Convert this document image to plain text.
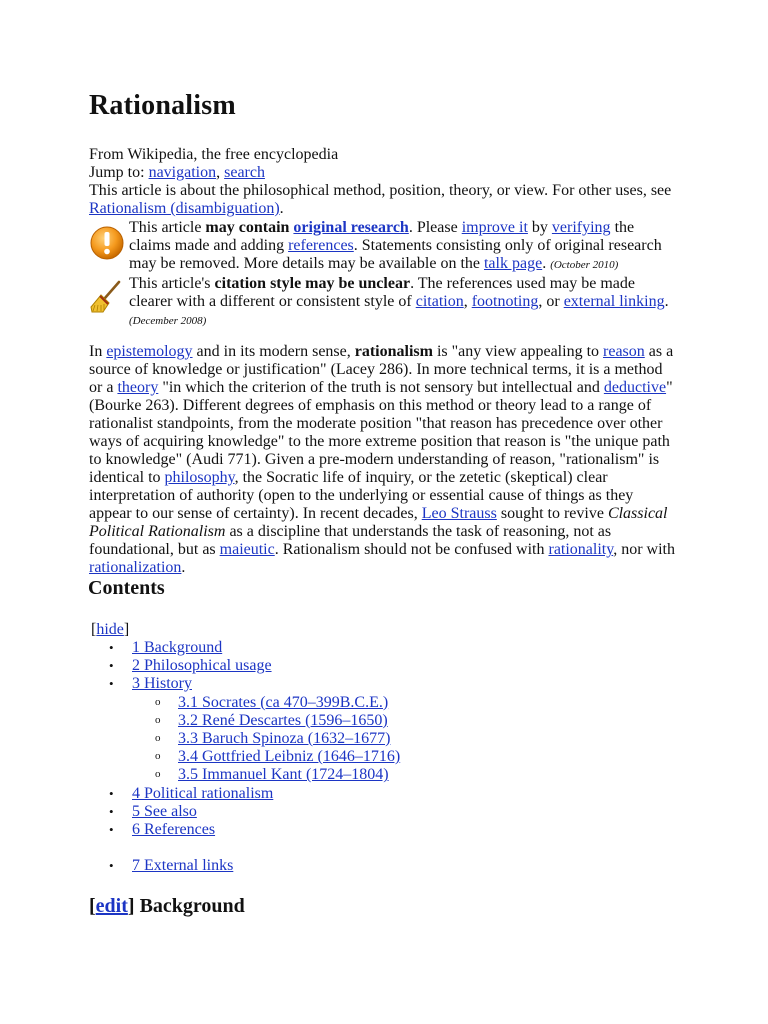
Rationalism

From Wikipedia, the free encyclopedia

Jump to: navigation, search

This article is about the philosophical method, position, theory, or view. For other uses, see Rationalism (disambiguation).

This article may contain original research. Please improve it by verifying the claims made and adding references. Statements consisting only of original research may be removed. More details may be available on the talk page. (October 2010)
This article's citation style may be unclear. The references used may be made clearer with a different or consistent style of citation, footnoting, or external linking. (December 2008)

In epistemology and in its modern sense, rationalism is "any view appealing to reason as a source of knowledge or justification" (Lacey 286). In more technical terms, it is a method or a theory "in which the criterion of the truth is not sensory but intellectual and deductive" (Bourke 263). Different degrees of emphasis on this method or theory lead to a range of rationalist standpoints, from the moderate position "that reason has precedence over other ways of acquiring knowledge" to the more extreme position that reason is "the unique path to knowledge" (Audi 771). Given a pre-modern understanding of reason, "rationalism" is identical to philosophy, the Socratic life of inquiry, or the zetetic (skeptical) clear interpretation of authority (open to the underlying or essential cause of things as they appear to our sense of certainty). In recent decades, Leo Strauss sought to revive Classical Political Rationalism as a discipline that understands the task of reasoning, not as foundational, but as maieutic. Rationalism should not be confused with rationality, nor with rationalization.

Contents
[hide]
• 1 Background
• 2 Philosophical usage
• 3 History
o 3.1 Socrates (ca 470–399B.C.E.)
o 3.2 René Descartes (1596–1650)
o 3.3 Baruch Spinoza (1632–1677)
o 3.4 Gottfried Leibniz (1646–1716)
o 3.5 Immanuel Kant (1724–1804)
• 4 Political rationalism
• 5 See also
• 6 References
• 7 External links
[edit] Background
